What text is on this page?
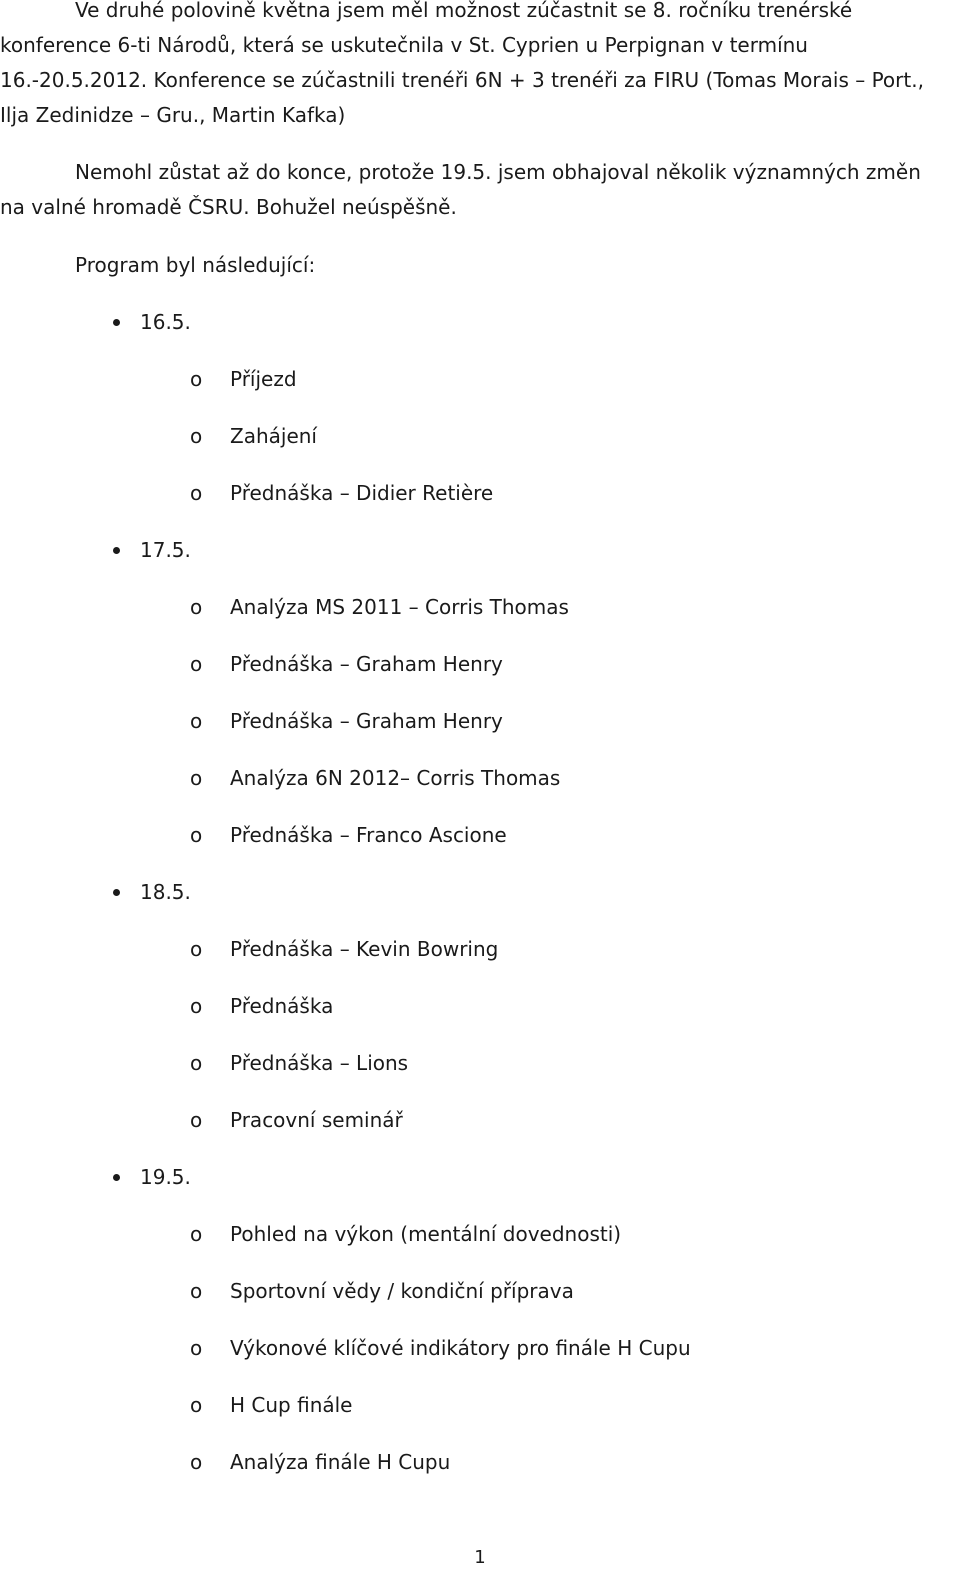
Ve druhé polovině května jsem měl možnost zúčastnit se 8. ročníku trenérské konference 6-ti Národů, která se uskutečnila v St. Cyprien u Perpignan v termínu 16.-20.5.2012. Konference se zúčastnili trenéři 6N + 3 trenéři za FIRU (Tomas Morais – Port., Ilja Zedinidze – Gru., Martin Kafka)

Nemohl zůstat až do konce, protože 19.5. jsem obhajoval několik významných změn na valné hromadě ČSRU. Bohužel neúspěšně.

Program byl následující:

16.5.
o Příjezd
o Zahájení
o Přednáška – Didier Retière
17.5.
o Analýza MS 2011 – Corris Thomas
o Přednáška – Graham Henry
o Přednáška – Graham Henry
o Analýza 6N 2012– Corris Thomas
o Přednáška – Franco Ascione
18.5.
o Přednáška – Kevin Bowring
o Přednáška
o Přednáška – Lions
o Pracovní seminář
19.5.
o Pohled na výkon (mentální dovednosti)
o Sportovní vědy / kondiční příprava
o Výkonové klíčové indikátory pro finále H Cupu
o H Cup finále
o Analýza finále H Cupu
1
